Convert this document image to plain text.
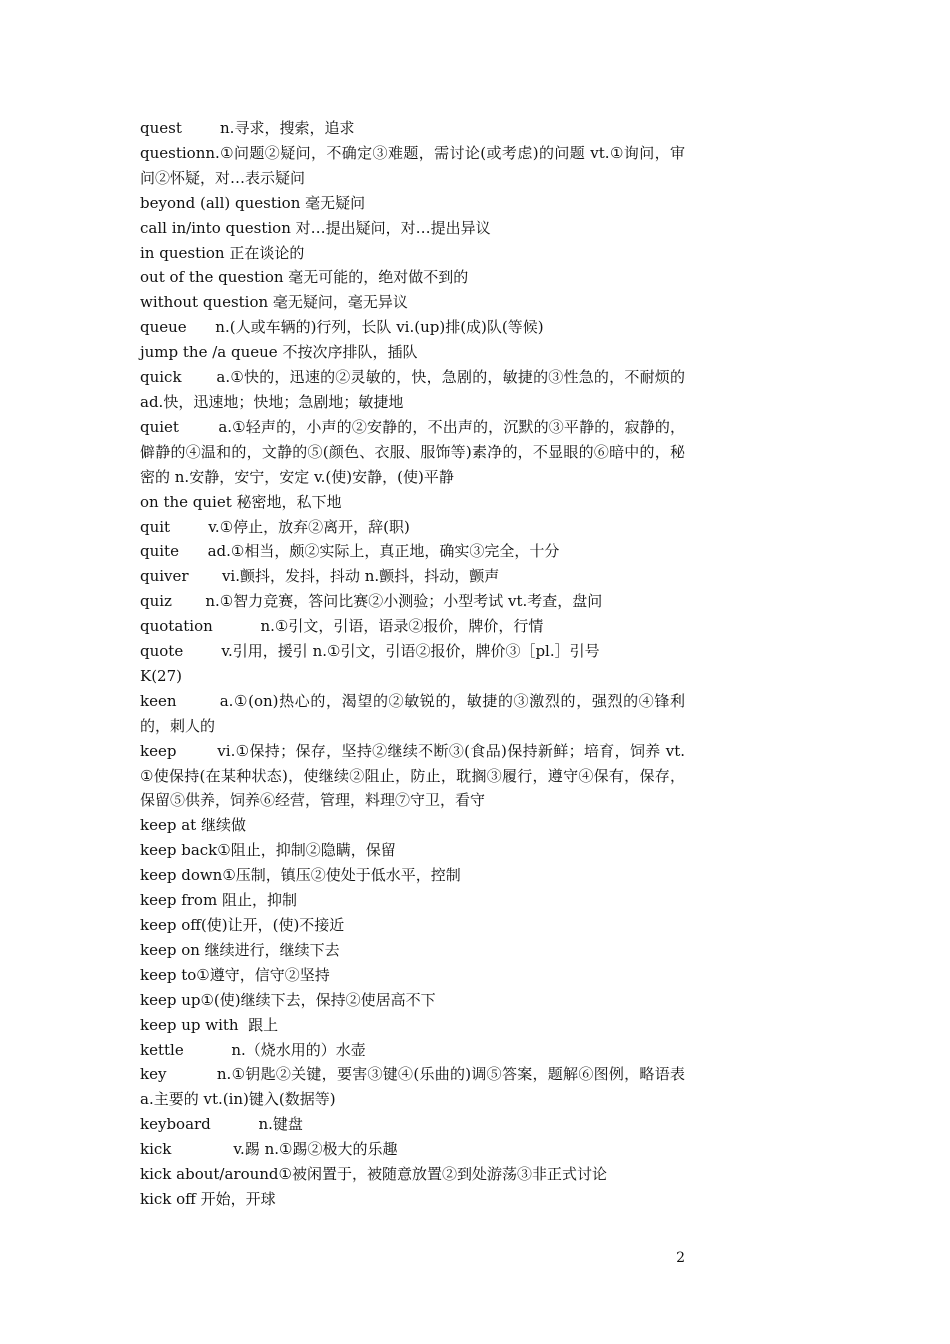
quest        n.寻求，搜索，追求

questionn.①问题②疑问，不确定③难题，需讨论(或考虑)的问题 vt.①询问，审问②怀疑，对…表示疑问

beyond (all) question 毫无疑问

call in/into question 对…提出疑问，对…提出异议

in question 正在谈论的

out of the question 毫无可能的，绝对做不到的

without question 毫无疑问，毫无异议

queue      n.(人或车辆的)行列，长队 vi.(up)排(成)队(等候)

jump the /a queue 不按次序排队，插队

quick       a.①快的，迅速的②灵敏的，快，急剧的，敏捷的③性急的，不耐烦的 ad.快，迅速地；快地；急剧地；敏捷地

quiet        a.①轻声的，小声的②安静的，不出声的，沉默的③平静的，寂静的，僻静的④温和的，文静的⑤(颜色、衣服、服饰等)素净的，不显眼的⑥暗中的，秘密的 n.安静，安宁，安定 v.(使)安静，(使)平静

on the quiet 秘密地，私下地

quit        v.①停止，放弃②离开，辞(职)

quite      ad.①相当，颇②实际上，真正地，确实③完全，十分

quiver       vi.颤抖，发抖，抖动 n.颤抖，抖动，颤声

quiz       n.①智力竞赛，答问比赛②小测验；小型考试 vt.考查，盘问

quotation          n.①引文，引语，语录②报价，牌价，行情

quote        v.引用，援引 n.①引文，引语②报价，牌价③［pl.］引号

K(27)

keen        a.①(on)热心的，渴望的②敏锐的，敏捷的③激烈的，强烈的④锋利的，刺人的

keep        vi.①保持；保存，坚持②继续不断③(食品)保持新鲜；培育，饲养 vt.①使保持(在某种状态)，使继续②阻止，防止，耽搁③履行，遵守④保有，保存，保留⑤供养，饲养⑥经营，管理，料理⑦守卫，看守

keep at 继续做

keep back①阻止，抑制②隐瞒，保留

keep down①压制，镇压②使处于低水平，控制

keep from 阻止，抑制

keep off(使)让开，(使)不接近

keep on 继续进行，继续下去

keep to①遵守，信守②坚持

keep up①(使)继续下去，保持②使居高不下

keep up with  跟上

kettle          n.（烧水用的）水壶

key          n.①钥匙②关键，要害③键④(乐曲的)调⑤答案，题解⑥图例，略语表 a.主要的 vt.(in)键入(数据等)

keyboard          n.键盘

kick             v.踢 n.①踢②极大的乐趣

kick about/around①被闲置于，被随意放置②到处游荡③非正式讨论

kick off 开始，开球

2
